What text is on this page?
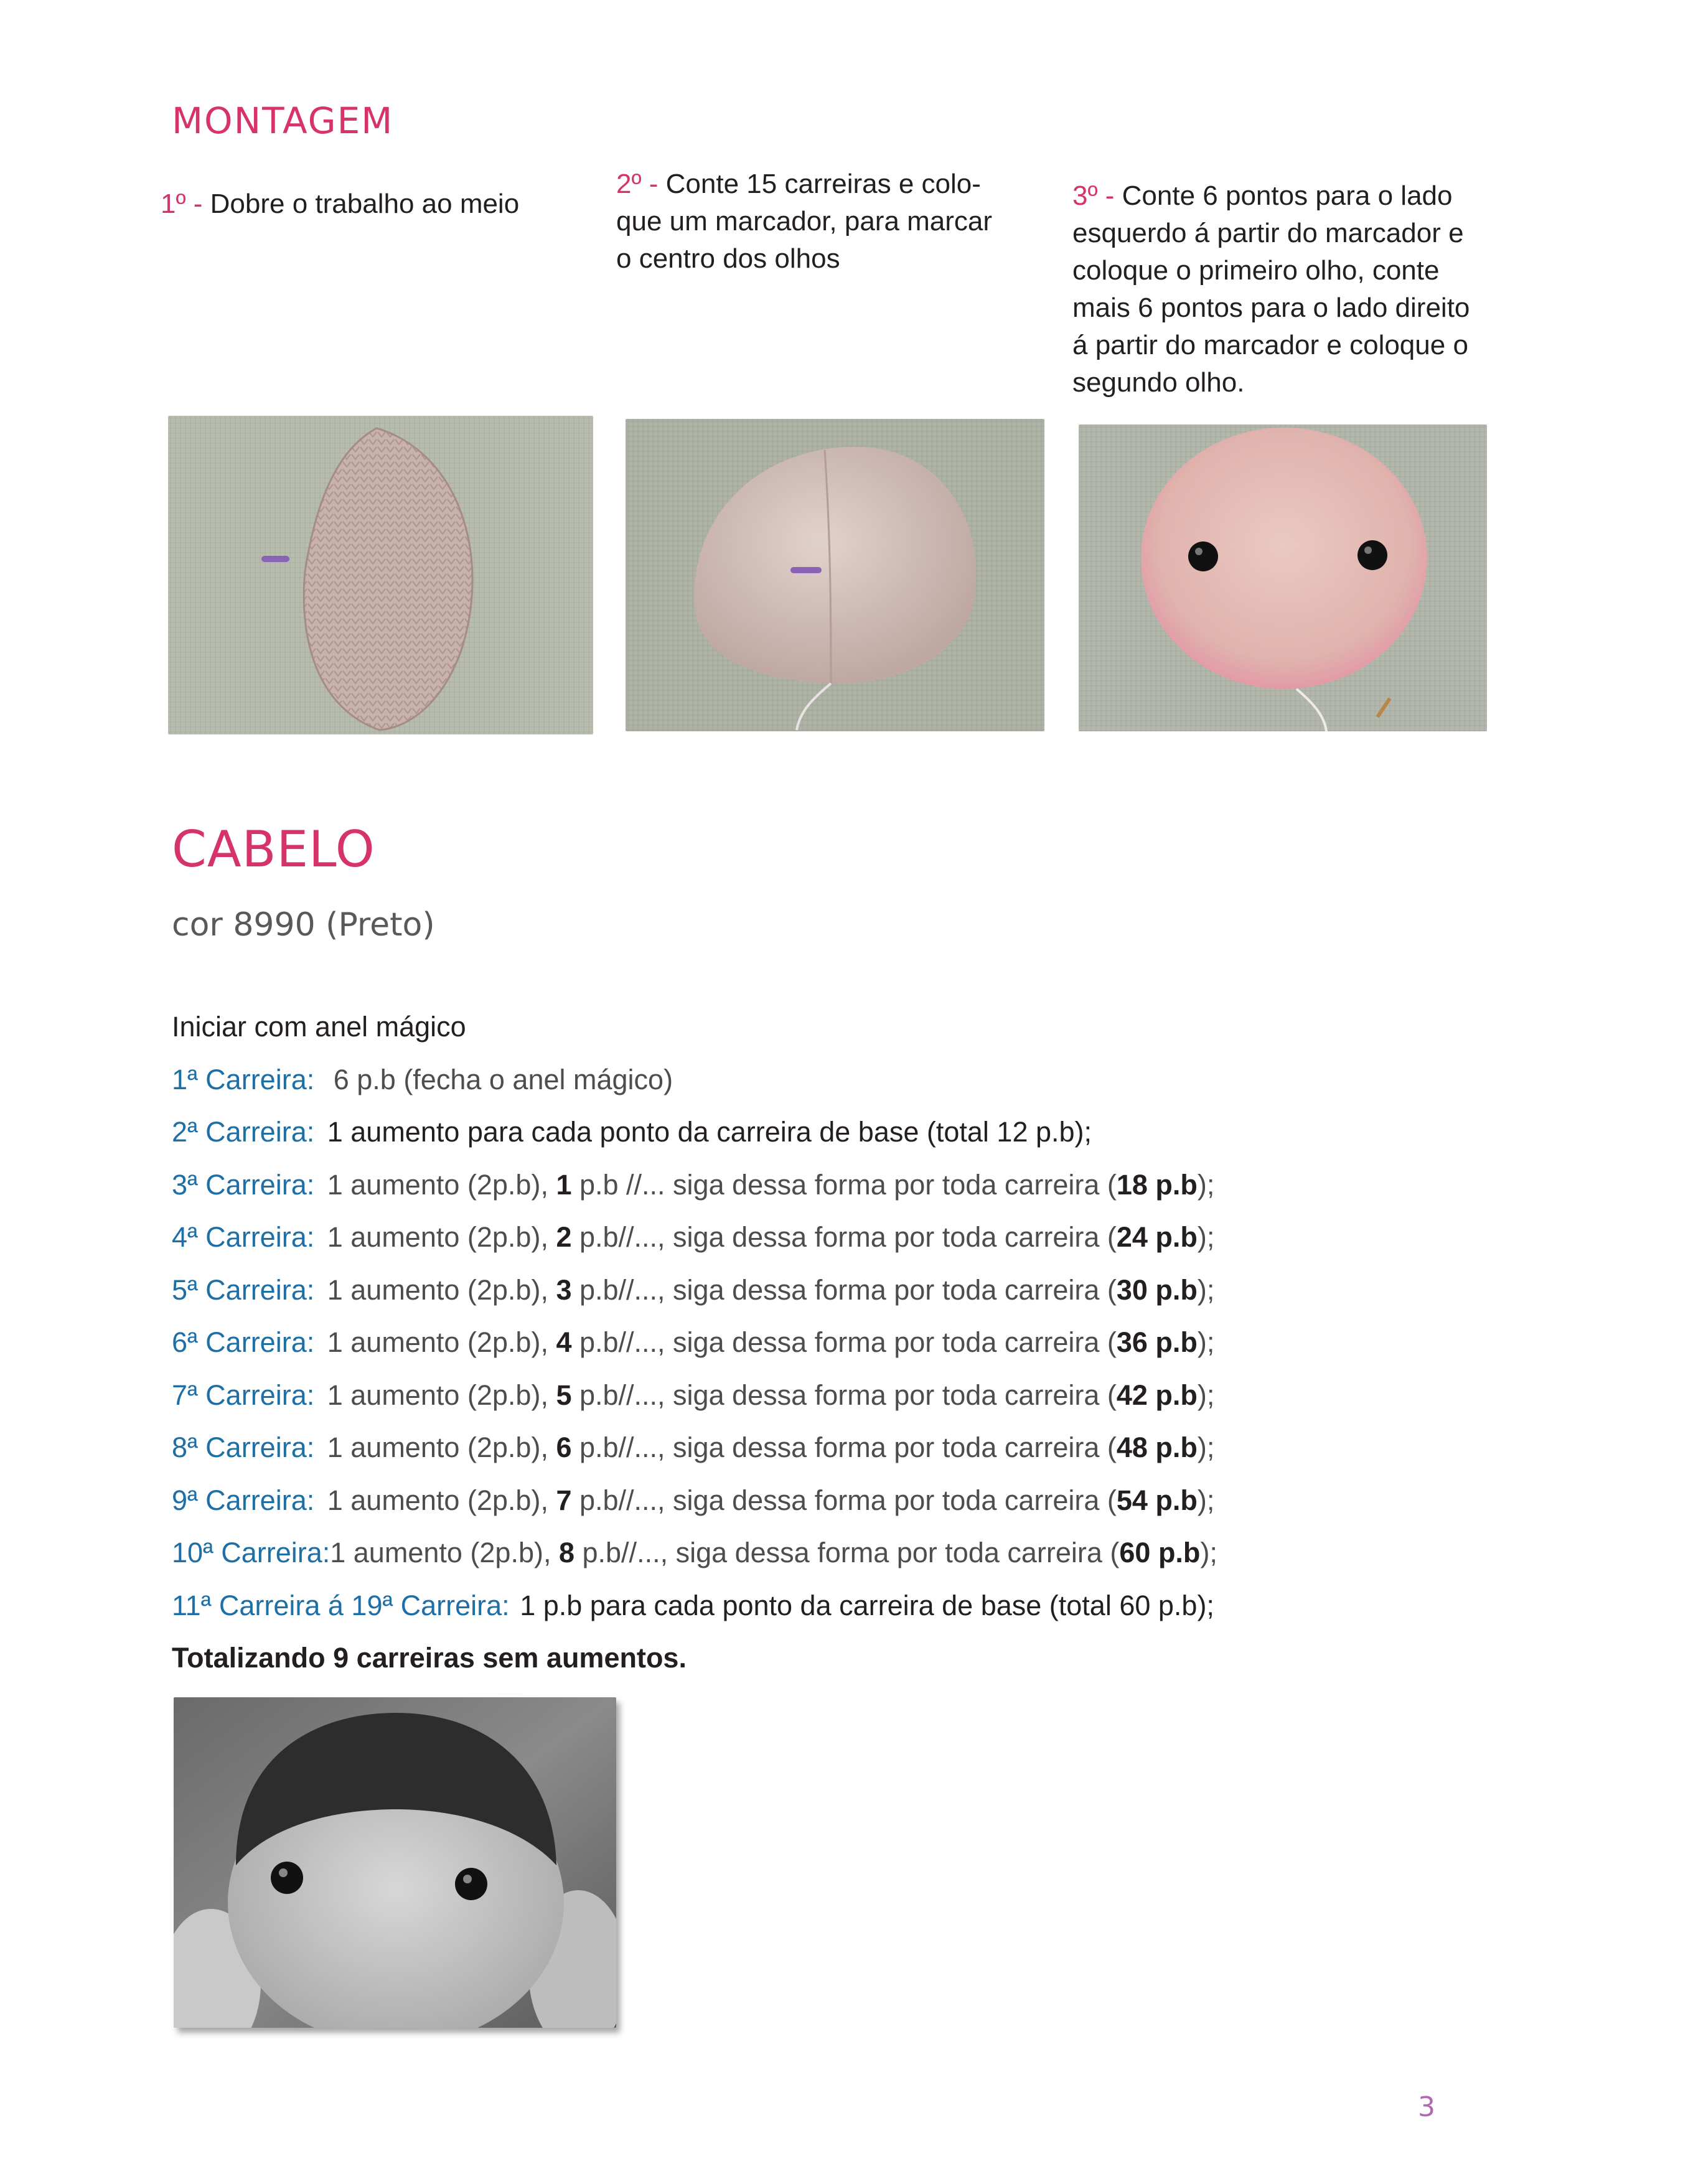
MONTAGEM
1º - Dobre o trabalho ao meio
2º - Conte 15 carreiras e colo-
que um marcador, para marcar
o centro dos olhos
3º - Conte 6 pontos para o lado
esquerdo á partir do marcador e
coloque o primeiro olho, conte
mais 6 pontos para o lado direito
á partir do marcador e coloque o
segundo olho.
CABELO
cor 8990 (Preto)
Iniciar com anel mágico
1ª Carreira: 6 p.b (fecha o anel mágico)
2ª Carreira: 1 aumento para cada ponto da carreira de base (total 12 p.b);
3ª Carreira: 1 aumento (2p.b), 1 p.b //... siga dessa forma por toda carreira (18 p.b);
4ª Carreira: 1 aumento (2p.b), 2 p.b//..., siga dessa forma por toda carreira (24 p.b);
5ª Carreira: 1 aumento (2p.b), 3 p.b//..., siga dessa forma por toda carreira (30 p.b);
6ª Carreira: 1 aumento (2p.b), 4 p.b//..., siga dessa forma por toda carreira (36 p.b);
7ª Carreira: 1 aumento (2p.b), 5 p.b//..., siga dessa forma por toda carreira (42 p.b);
8ª Carreira: 1 aumento (2p.b), 6 p.b//..., siga dessa forma por toda carreira (48 p.b);
9ª Carreira: 1 aumento (2p.b), 7 p.b//..., siga dessa forma por toda carreira (54 p.b);
10ª Carreira:1 aumento (2p.b), 8 p.b//..., siga dessa forma por toda carreira (60 p.b);
11ª Carreira á 19ª Carreira: 1 p.b para cada ponto da carreira de base (total 60 p.b);
Totalizando 9 carreiras sem aumentos.
3
